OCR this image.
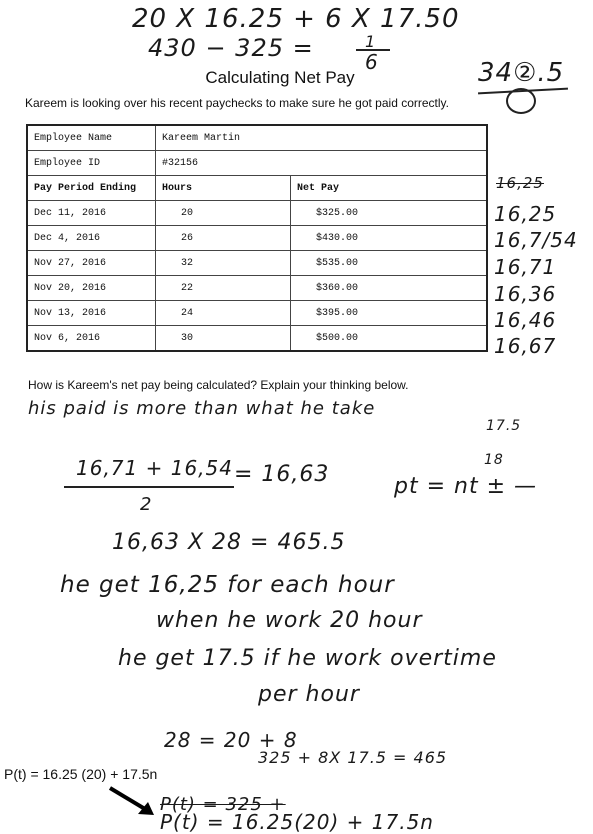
20 X 16.25 + 6 X 17.50
430 − 325 =	1
6	34②.5
Calculating Net Pay
Kareem is looking over his recent paychecks to make sure he got paid correctly.
Employee Name	Kareem Martin	
Employee ID	#32156	
Pay Period Ending	Hours	Net Pay
Dec 11, 2016	20	$325.00
Dec 4, 2016	26	$430.00
Nov 27, 2016	32	$535.00
Nov 20, 2016	22	$360.00
Nov 13, 2016	24	$395.00
Nov 6, 2016	30	$500.00
16,25
16,25
16,7/54
16,71
16,36
16,46
16,67
How is Kareem's net pay being calculated? Explain your thinking below.
his paid is more than what he take
17.5
16,71 + 16,54
2
= 16,63
18
pt = nt ± —
16,63 X 28 = 465.5
he get 16,25 for each hour
when he work 20 hour
he get 17.5 if he work overtime
per hour
28 = 20 + 8
325 + 8X 17.5 = 465
P(t) = 16.25 (20) + 17.5n
P(t) = 325 +
P(t) = 16.25(20) + 17.5n
